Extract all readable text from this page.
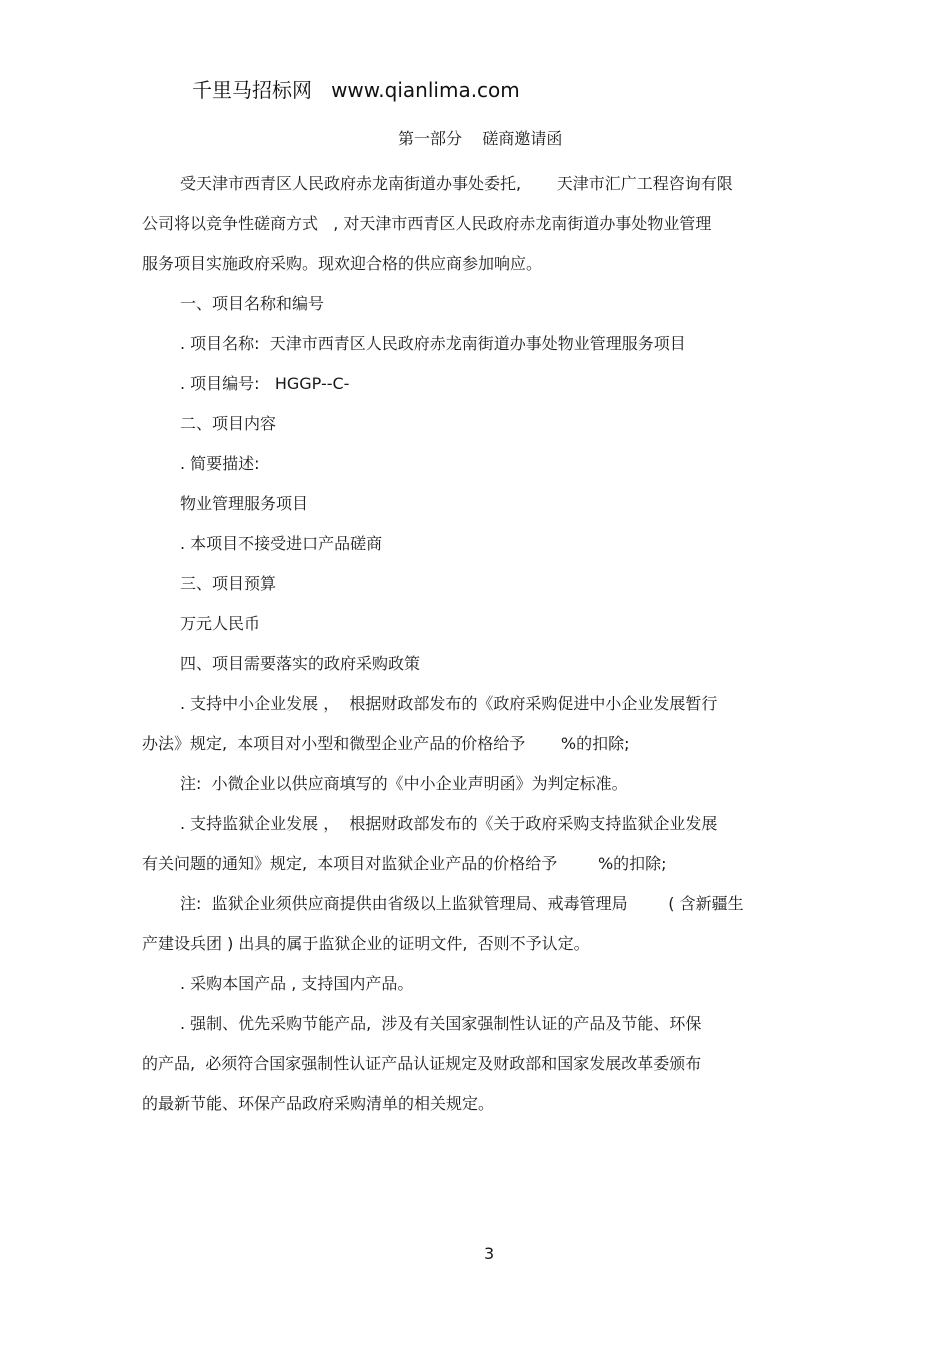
千里马招标网   www.qianlima.com
第一部分    磋商邀请函
受天津市西青区人民政府赤龙南街道办事处委托,       天津市汇广工程咨询有限
公司将以竞争性磋商方式   , 对天津市西青区人民政府赤龙南街道办事处物业管理
服务项目实施政府采购。现欢迎合格的供应商参加响应。
一、项目名称和编号
. 项目名称:  天津市西青区人民政府赤龙南街道办事处物业管理服务项目
. 项目编号:   HGGP--C-
二、项目内容
. 简要描述:
物业管理服务项目
. 本项目不接受进口产品磋商
三、项目预算
万元人民币
四、项目需要落实的政府采购政策
. 支持中小企业发展 ，  根据财政部发布的《政府采购促进中小企业发展暂行
办法》规定,  本项目对小型和微型企业产品的价格给予       %的扣除;
注:  小微企业以供应商填写的《中小企业声明函》为判定标准。
. 支持监狱企业发展 ，  根据财政部发布的《关于政府采购支持监狱企业发展
有关问题的通知》规定,  本项目对监狱企业产品的价格给予        %的扣除;
注:  监狱企业须供应商提供由省级以上监狱管理局、戒毒管理局        ( 含新疆生
产建设兵团 ) 出具的属于监狱企业的证明文件,  否则不予认定。
. 采购本国产品 , 支持国内产品。
. 强制、优先采购节能产品,  涉及有关国家强制性认证的产品及节能、环保
的产品,  必须符合国家强制性认证产品认证规定及财政部和国家发展改革委颁布
的最新节能、环保产品政府采购清单的相关规定。
3
